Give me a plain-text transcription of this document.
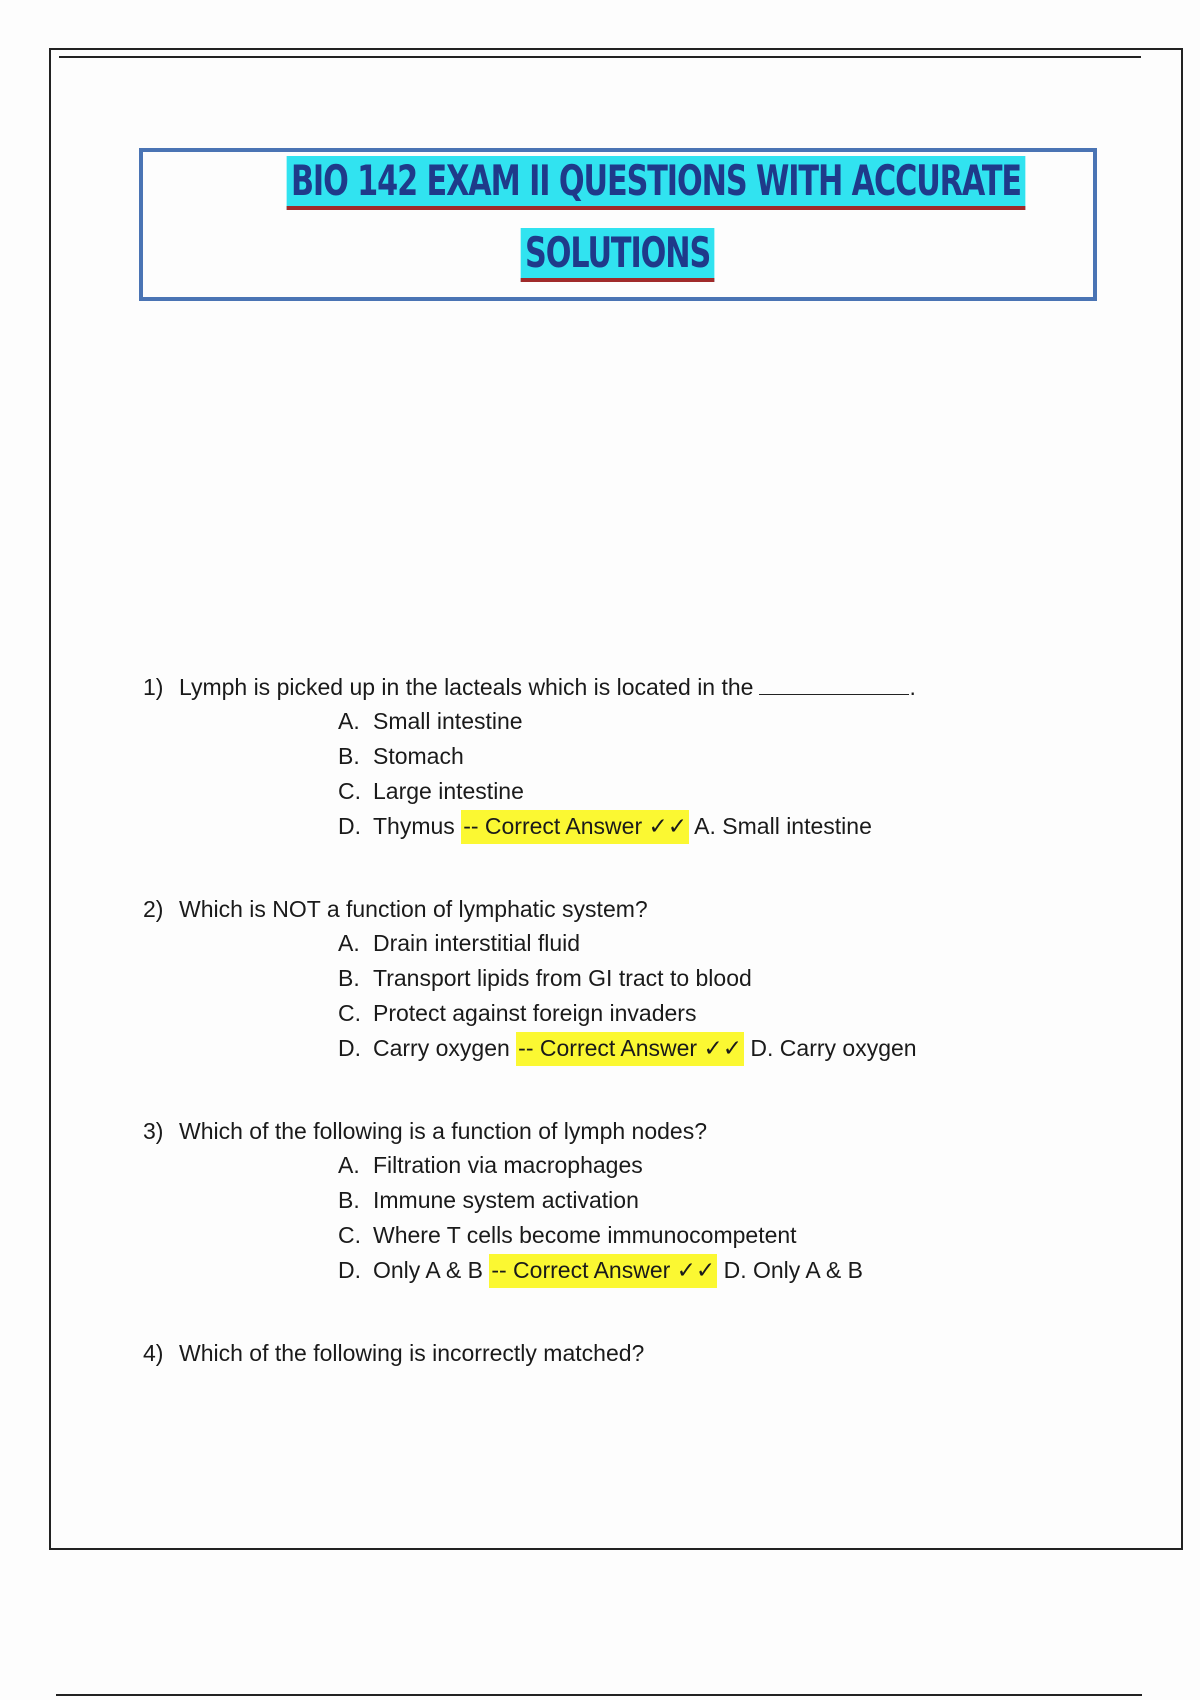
BIO 142 EXAM II QUESTIONS WITH ACCURATE
SOLUTIONS
1) Lymph is picked up in the lacteals which is located in the	.
A. Small intestine
B. Stomach
C. Large intestine
D. Thymus -- Correct Answer ✓✓ A. Small intestine
2) Which is NOT a function of lymphatic system?
A. Drain interstitial fluid
B. Transport lipids from GI tract to blood
C. Protect against foreign invaders
D. Carry oxygen -- Correct Answer ✓✓ D. Carry oxygen
3) Which of the following is a function of lymph nodes?
A. Filtration via macrophages
B. Immune system activation
C. Where T cells become immunocompetent
D. Only A & B -- Correct Answer ✓✓ D. Only A & B
4) Which of the following is incorrectly matched?
